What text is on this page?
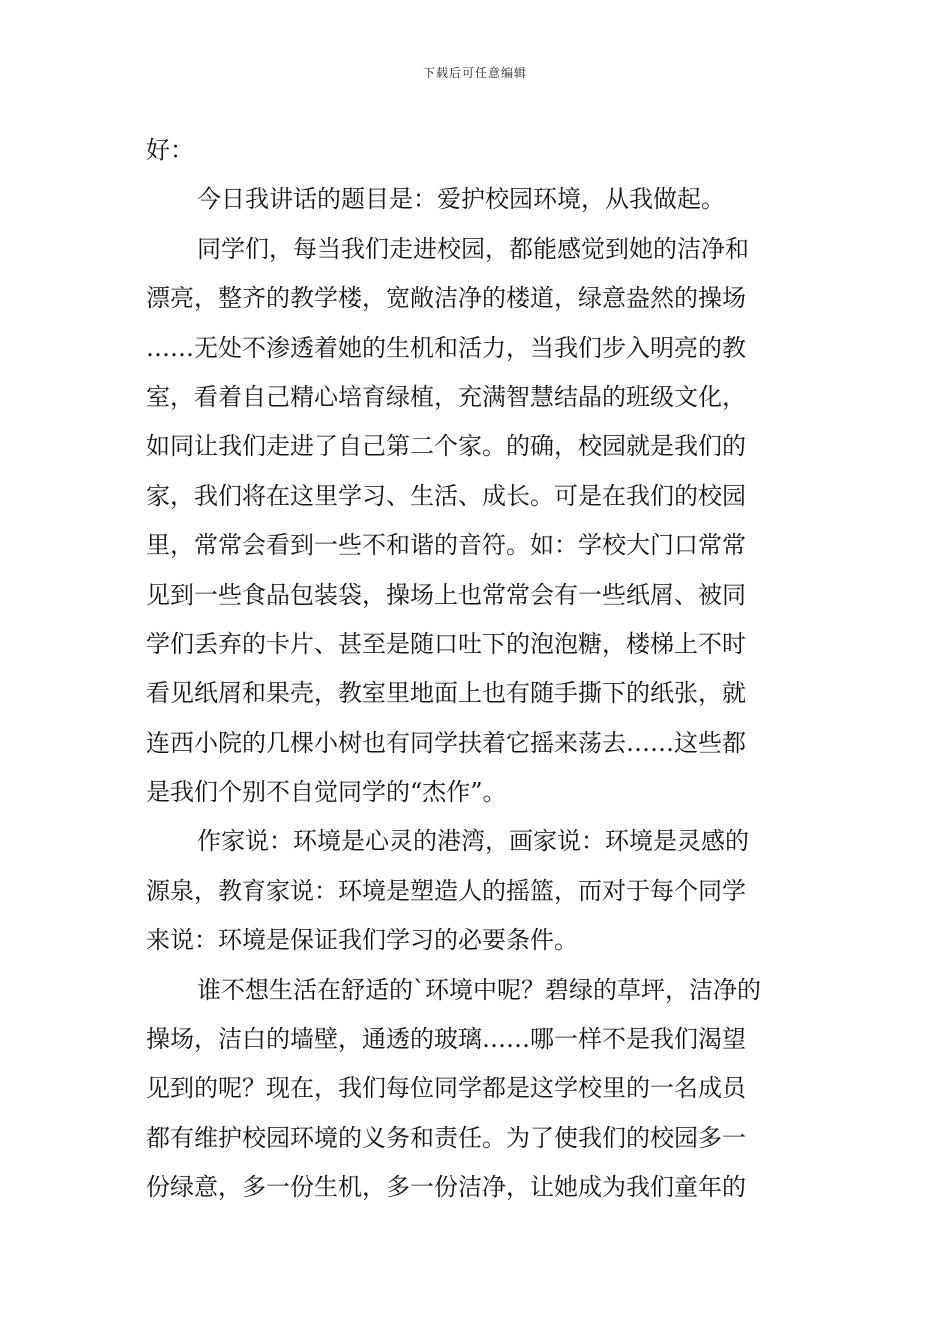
下载后可任意编辑
好：
今日我讲话的题目是：爱护校园环境，从我做起。
同学们，每当我们走进校园，都能感觉到她的洁净和
漂亮，整齐的教学楼，宽敞洁净的楼道，绿意盎然的操场
……无处不渗透着她的生机和活力，当我们步入明亮的教
室，看着自己精心培育绿植，充满智慧结晶的班级文化，
如同让我们走进了自己第二个家。的确，校园就是我们的
家，我们将在这里学习、生活、成长。可是在我们的校园
里，常常会看到一些不和谐的音符。如：学校大门口常常
见到一些食品包装袋，操场上也常常会有一些纸屑、被同
学们丢弃的卡片、甚至是随口吐下的泡泡糖，楼梯上不时
看见纸屑和果壳，教室里地面上也有随手撕下的纸张，就
连西小院的几棵小树也有同学扶着它摇来荡去……这些都
是我们个别不自觉同学的“杰作”。
作家说：环境是心灵的港湾，画家说：环境是灵感的
源泉，教育家说：环境是塑造人的摇篮，而对于每个同学
来说：环境是保证我们学习的必要条件。
谁不想生活在舒适的`环境中呢？碧绿的草坪，洁净的
操场，洁白的墙壁，通透的玻璃……哪一样不是我们渴望
见到的呢？现在，我们每位同学都是这学校里的一名成员
都有维护校园环境的义务和责任。为了使我们的校园多一
份绿意，多一份生机，多一份洁净，让她成为我们童年的
